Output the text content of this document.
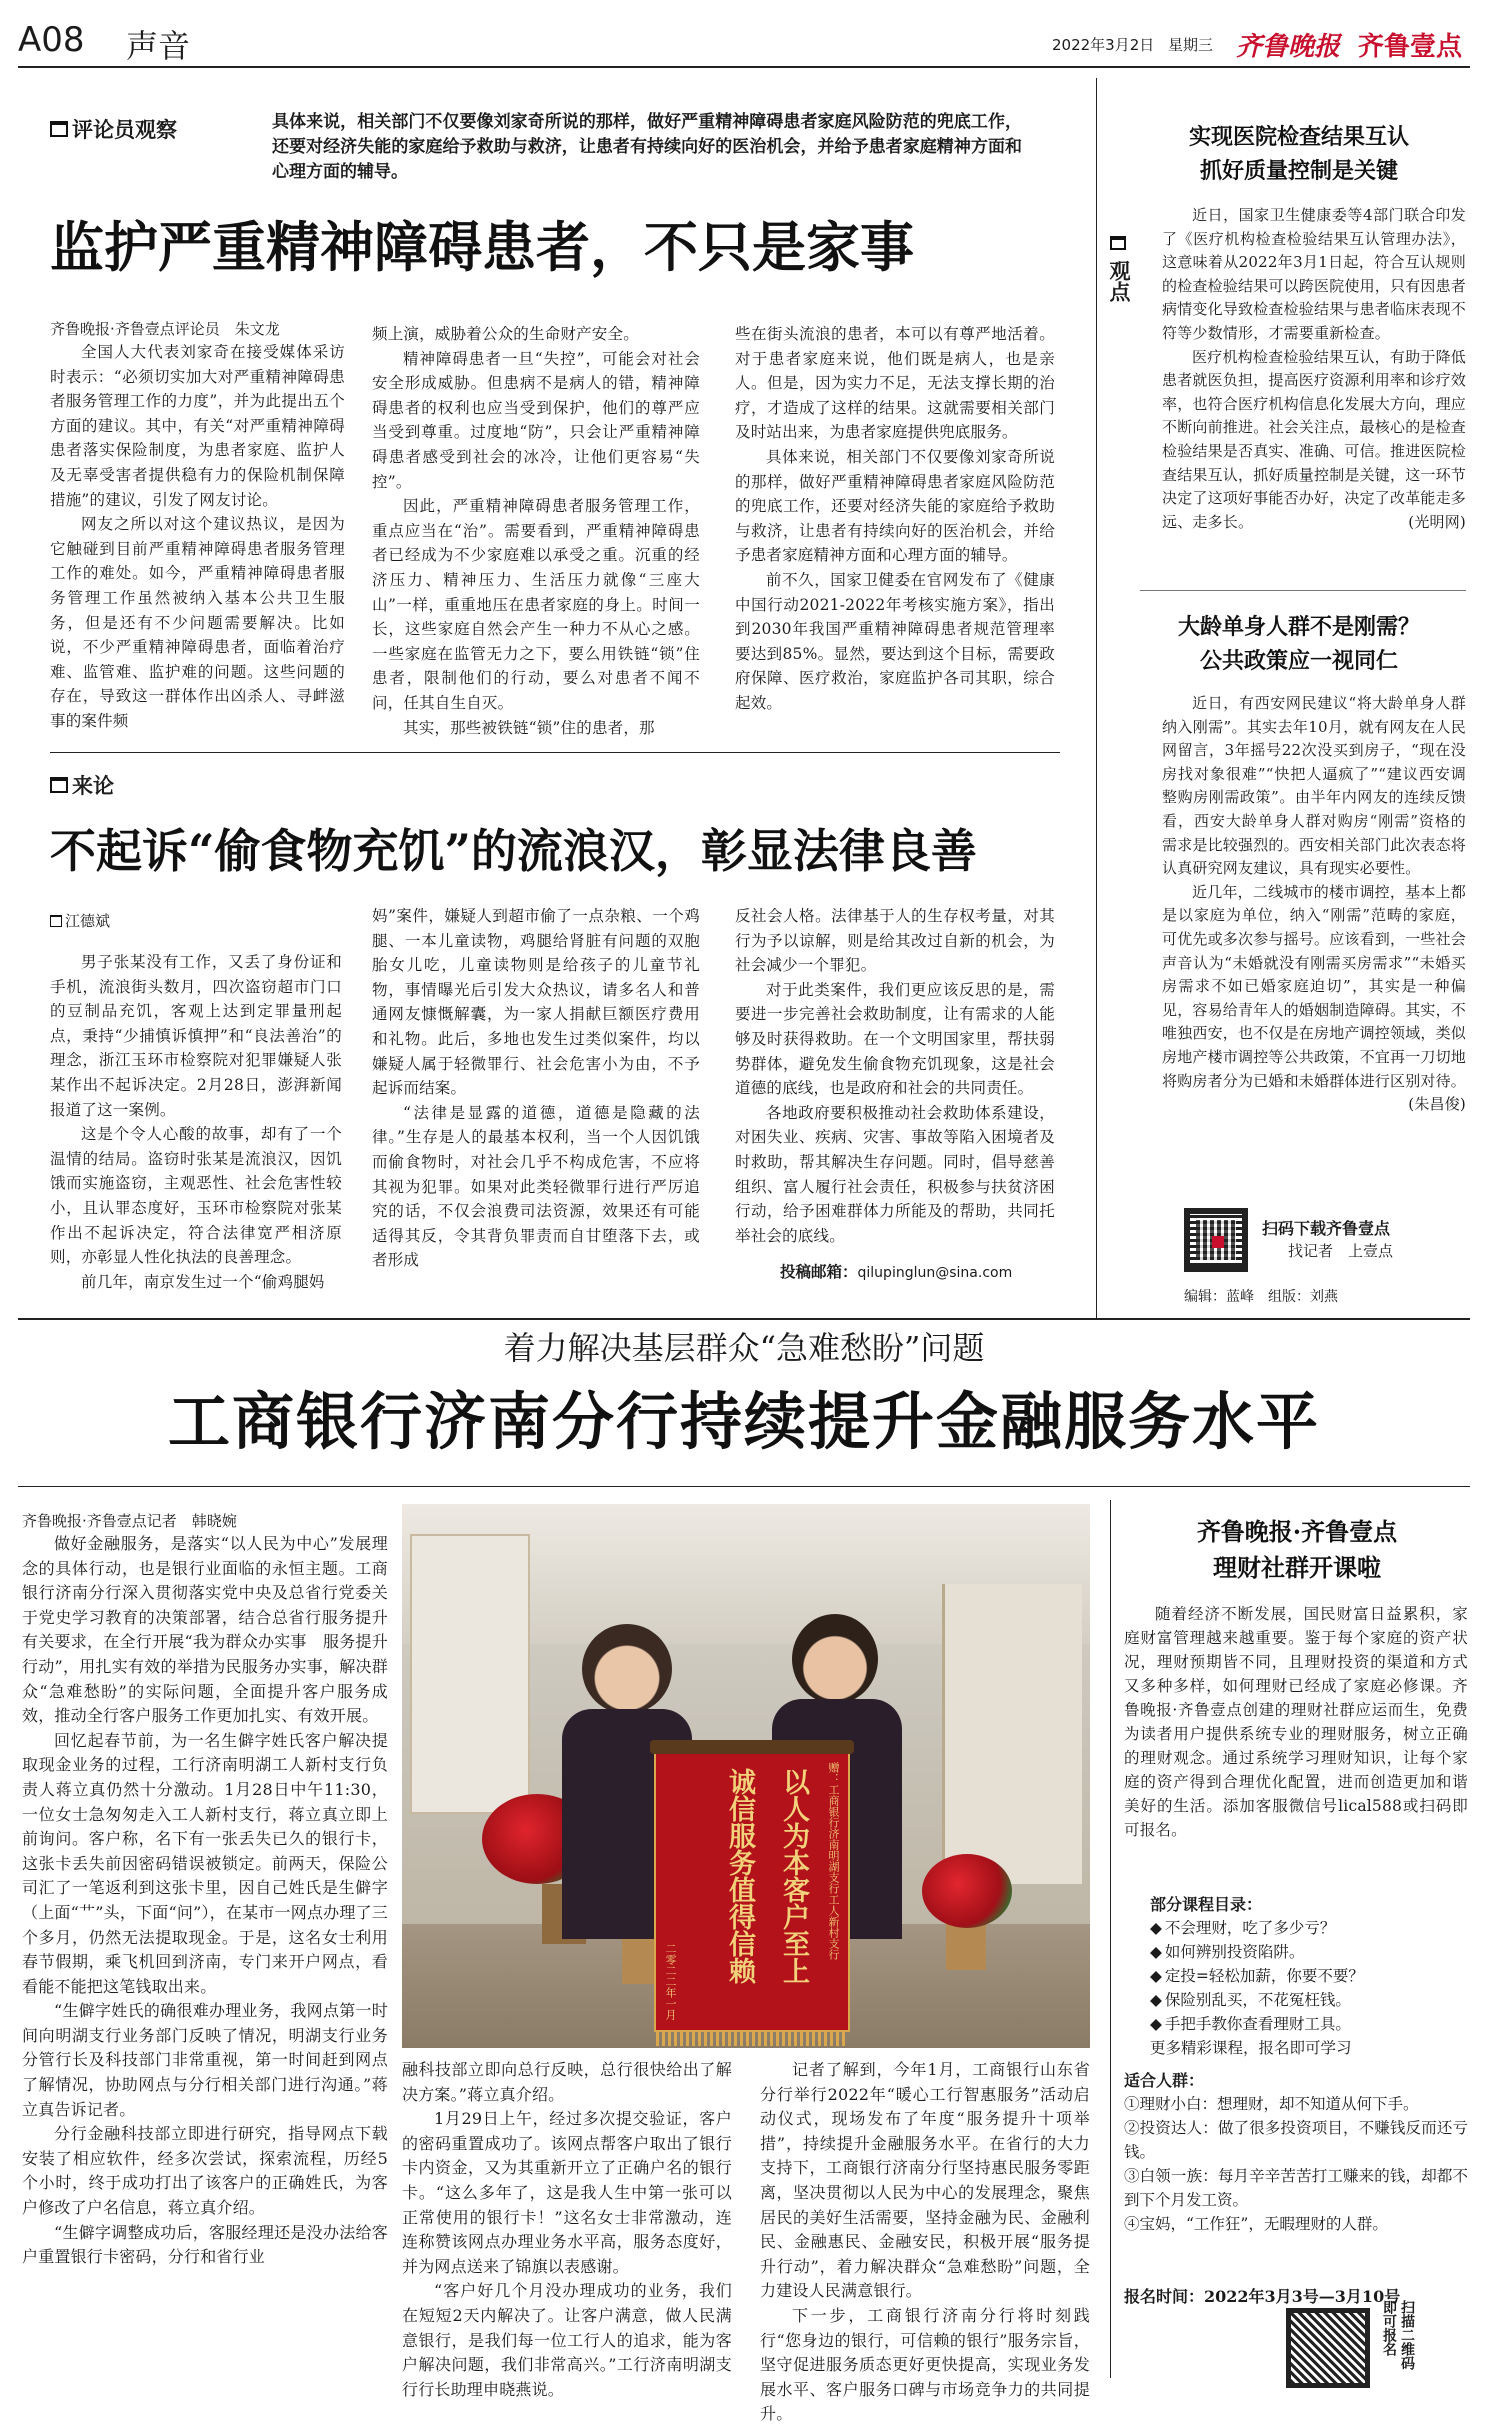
A08 声音	2022年3月2日 星期三 齐鲁晚报 齐鲁壹点
评论员观察	具体来说，相关部门不仅要像刘家奇所说的那样，做好严重精神障碍患者家庭风险防范的兜底工作，还要对经济失能的家庭给予救助与救济，让患者有持续向好的医治机会，并给予患者家庭精神方面和心理方面的辅导。
监护严重精神障碍患者，不只是家事
齐鲁晚报·齐鲁壹点评论员　朱文龙

全国人大代表刘家奇在接受媒体采访时表示：“必须切实加大对严重精神障碍患者服务管理工作的力度”，并为此提出五个方面的建议。其中，有关“对严重精神障碍患者落实保险制度，为患者家庭、监护人及无辜受害者提供稳有力的保险机制保障措施”的建议，引发了网友讨论。

网友之所以对这个建议热议，是因为它触碰到目前严重精神障碍患者服务管理工作的难处。如今，严重精神障碍患者服务管理工作虽然被纳入基本公共卫生服务，但是还有不少问题需要解决。比如说，不少严重精神障碍患者，面临着治疗难、监管难、监护难的问题。这些问题的存在，导致这一群体作出凶杀人、寻衅滋事的案件频

频上演，威胁着公众的生命财产安全。

精神障碍患者一旦“失控”，可能会对社会安全形成威胁。但患病不是病人的错，精神障碍患者的权利也应当受到保护，他们的尊严应当受到尊重。过度地“防”，只会让严重精神障碍患者感受到社会的冰冷，让他们更容易“失控”。

因此，严重精神障碍患者服务管理工作，重点应当在“治”。需要看到，严重精神障碍患者已经成为不少家庭难以承受之重。沉重的经济压力、精神压力、生活压力就像“三座大山”一样，重重地压在患者家庭的身上。时间一长，这些家庭自然会产生一种力不从心之感。一些家庭在监管无力之下，要么用铁链“锁”住患者，限制他们的行动，要么对患者不闻不问，任其自生自灭。

其实，那些被铁链“锁”住的患者，那

些在街头流浪的患者，本可以有尊严地活着。对于患者家庭来说，他们既是病人，也是亲人。但是，因为实力不足，无法支撑长期的治疗，才造成了这样的结果。这就需要相关部门及时站出来，为患者家庭提供兜底服务。

具体来说，相关部门不仅要像刘家奇所说的那样，做好严重精神障碍患者家庭风险防范的兜底工作，还要对经济失能的家庭给予救助与救济，让患者有持续向好的医治机会，并给予患者家庭精神方面和心理方面的辅导。

前不久，国家卫健委在官网发布了《健康中国行动2021-2022年考核实施方案》，指出到2030年我国严重精神障碍患者规范管理率要达到85%。显然，要达到这个目标，需要政府保障、医疗救治，家庭监护各司其职，综合起效。

来论
不起诉“偷食物充饥”的流浪汉，彰显法律良善
江德斌

男子张某没有工作，又丢了身份证和手机，流浪街头数月，四次盗窃超市门口的豆制品充饥，客观上达到定罪量刑起点，秉持“少捕慎诉慎押”和“良法善治”的理念，浙江玉环市检察院对犯罪嫌疑人张某作出不起诉决定。2月28日，澎湃新闻报道了这一案例。

这是个令人心酸的故事，却有了一个温情的结局。盗窃时张某是流浪汉，因饥饿而实施盗窃，主观恶性、社会危害性较小，且认罪态度好，玉环市检察院对张某作出不起诉决定，符合法律宽严相济原则，亦彰显人性化执法的良善理念。

前几年，南京发生过一个“偷鸡腿妈

妈”案件，嫌疑人到超市偷了一点杂粮、一个鸡腿、一本儿童读物，鸡腿给肾脏有问题的双胞胎女儿吃，儿童读物则是给孩子的儿童节礼物，事情曝光后引发大众热议，请多名人和普通网友慷慨解囊，为一家人捐献巨额医疗费用和礼物。此后，多地也发生过类似案件，均以嫌疑人属于轻微罪行、社会危害小为由，不予起诉而结案。

“法律是显露的道德，道德是隐藏的法律。”生存是人的最基本权利，当一个人因饥饿而偷食物时，对社会几乎不构成危害，不应将其视为犯罪。如果对此类轻微罪行进行严厉追究的话，不仅会浪费司法资源，效果还有可能适得其反，令其背负罪责而自甘堕落下去，或者形成

反社会人格。法律基于人的生存权考量，对其行为予以谅解，则是给其改过自新的机会，为社会减少一个罪犯。

对于此类案件，我们更应该反思的是，需要进一步完善社会救助制度，让有需求的人能够及时获得救助。在一个文明国家里，帮扶弱势群体，避免发生偷食物充饥现象，这是社会道德的底线，也是政府和社会的共同责任。

各地政府要积极推动社会救助体系建设，对困失业、疾病、灾害、事故等陷入困境者及时救助，帮其解决生存问题。同时，倡导慈善组织、富人履行社会责任，积极参与扶贫济困行动，给予困难群体力所能及的帮助，共同托举社会的底线。

投稿邮箱：qilupinglun@sina.com
观点
实现医院检查结果互认
抓好质量控制是关键

近日，国家卫生健康委等4部门联合印发了《医疗机构检查检验结果互认管理办法》，这意味着从2022年3月1日起，符合互认规则的检查检验结果可以跨医院使用，只有因患者病情变化导致检查检验结果与患者临床表现不符等少数情形，才需要重新检查。

医疗机构检查检验结果互认，有助于降低患者就医负担，提高医疗资源利用率和诊疗效率，也符合医疗机构信息化发展大方向，理应不断向前推进。社会关注点，最核心的是检查检验结果是否真实、准确、可信。推进医院检查结果互认，抓好质量控制是关键，这一环节决定了这项好事能否办好，决定了改革能走多远、走多长。	(光明网)

大龄单身人群不是刚需？
公共政策应一视同仁

近日，有西安网民建议“将大龄单身人群纳入刚需”。其实去年10月，就有网友在人民网留言，3年摇号22次没买到房子，“现在没房找对象很难”“快把人逼疯了”“建议西安调整购房刚需政策”。由半年内网友的连续反馈看，西安大龄单身人群对购房“刚需”资格的需求是比较强烈的。西安相关部门此次表态将认真研究网友建议，具有现实必要性。

近几年，二线城市的楼市调控，基本上都是以家庭为单位，纳入“刚需”范畴的家庭，可优先或多次参与摇号。应该看到，一些社会声音认为“未婚就没有刚需买房需求”“未婚买房需求不如已婚家庭迫切”，其实是一种偏见，容易给青年人的婚姻制造障碍。其实，不唯独西安，也不仅是在房地产调控领域，类似房地产楼市调控等公共政策，不宜再一刀切地将购房者分为已婚和未婚群体进行区别对待。
(朱昌俊)

扫码下载齐鲁壹点
找记者　上壹点
编辑：蓝峰　组版：刘燕
着力解决基层群众“急难愁盼”问题
工商银行济南分行持续提升金融服务水平
齐鲁晚报·齐鲁壹点记者　韩晓婉

做好金融服务，是落实“以人民为中心”发展理念的具体行动，也是银行业面临的永恒主题。工商银行济南分行深入贯彻落实党中央及总省行党委关于党史学习教育的决策部署，结合总省行服务提升有关要求，在全行开展“我为群众办实事　服务提升行动”，用扎实有效的举措为民服务办实事，解决群众“急难愁盼”的实际问题，全面提升客户服务成效，推动全行客户服务工作更加扎实、有效开展。

回忆起春节前，为一名生僻字姓氏客户解决提取现金业务的过程，工行济南明湖工人新村支行负责人蒋立真仍然十分激动。1月28日中午11:30，一位女士急匆匆走入工人新村支行，蒋立真立即上前询问。客户称，名下有一张丢失已久的银行卡，这张卡丢失前因密码错误被锁定。前两天，保险公司汇了一笔返利到这张卡里，因自己姓氏是生僻字（上面“艹”头，下面“问”），在某市一网点办理了三个多月，仍然无法提取现金。于是，这名女士利用春节假期，乘飞机回到济南，专门来开户网点，看看能不能把这笔钱取出来。

“生僻字姓氏的确很难办理业务，我网点第一时间向明湖支行业务部门反映了情况，明湖支行业务分管行长及科技部门非常重视，第一时间赶到网点了解情况，协助网点与分行相关部门进行沟通。”蒋立真告诉记者。

分行金融科技部立即进行研究，指导网点下载安装了相应软件，经多次尝试，探索流程，历经5个小时，终于成功打出了该客户的正确姓氏，为客户修改了户名信息，蒋立真介绍。

“生僻字调整成功后，客服经理还是没办法给客户重置银行卡密码，分行和省行业

赠：工商银行济南明湖支行工人新村支行
以人为本客户至上
诚信服务值得信赖
二零二二年一月

融科技部立即向总行反映，总行很快给出了解决方案。”蒋立真介绍。

1月29日上午，经过多次提交验证，客户的密码重置成功了。该网点帮客户取出了银行卡内资金，又为其重新开立了正确户名的银行卡。“这么多年了，这是我人生中第一张可以正常使用的银行卡！”这名女士非常激动，连连称赞该网点办理业务水平高，服务态度好，并为网点送来了锦旗以表感谢。

“客户好几个月没办理成功的业务，我们在短短2天内解决了。让客户满意，做人民满意银行，是我们每一位工行人的追求，能为客户解决问题，我们非常高兴。”工行济南明湖支行行长助理申晓燕说。

记者了解到，今年1月，工商银行山东省分行举行2022年“暖心工行智惠服务”活动启动仪式，现场发布了年度“服务提升十项举措”，持续提升金融服务水平。在省行的大力支持下，工商银行济南分行坚持惠民服务零距离，坚决贯彻以人民为中心的发展理念，聚焦居民的美好生活需要，坚持金融为民、金融利民、金融惠民、金融安民，积极开展“服务提升行动”，着力解决群众“急难愁盼”问题，全力建设人民满意银行。

下一步，工商银行济南分行将时刻践行“您身边的银行，可信赖的银行”服务宗旨，坚守促进服务质态更好更快提高，实现业务发展水平、客户服务口碑与市场竞争力的共同提升。

齐鲁晚报·齐鲁壹点
理财社群开课啦

随着经济不断发展，国民财富日益累积，家庭财富管理越来越重要。鉴于每个家庭的资产状况，理财预期皆不同，且理财投资的渠道和方式又多种多样，如何理财已经成了家庭必修课。齐鲁晚报·齐鲁壹点创建的理财社群应运而生，免费为读者用户提供系统专业的理财服务，树立正确的理财观念。通过系统学习理财知识，让每个家庭的资产得到合理优化配置，进而创造更加和谐美好的生活。添加客服微信号lical588或扫码即可报名。

部分课程目录：
◆ 不会理财，吃了多少亏？
◆ 如何辨别投资陷阱。
◆ 定投=轻松加薪，你要不要？
◆ 保险别乱买，不花冤枉钱。
◆ 手把手教你查看理财工具。
更多精彩课程，报名即可学习
适合人群：
①理财小白：想理财，却不知道从何下手。
②投资达人：做了很多投资项目，不赚钱反而还亏钱。
③白领一族：每月辛辛苦苦打工赚来的钱，却都不到下个月发工资。
④宝妈，“工作狂”，无暇理财的人群。
报名时间：2022年3月3号—3月10号
扫描二维码　即可报名
